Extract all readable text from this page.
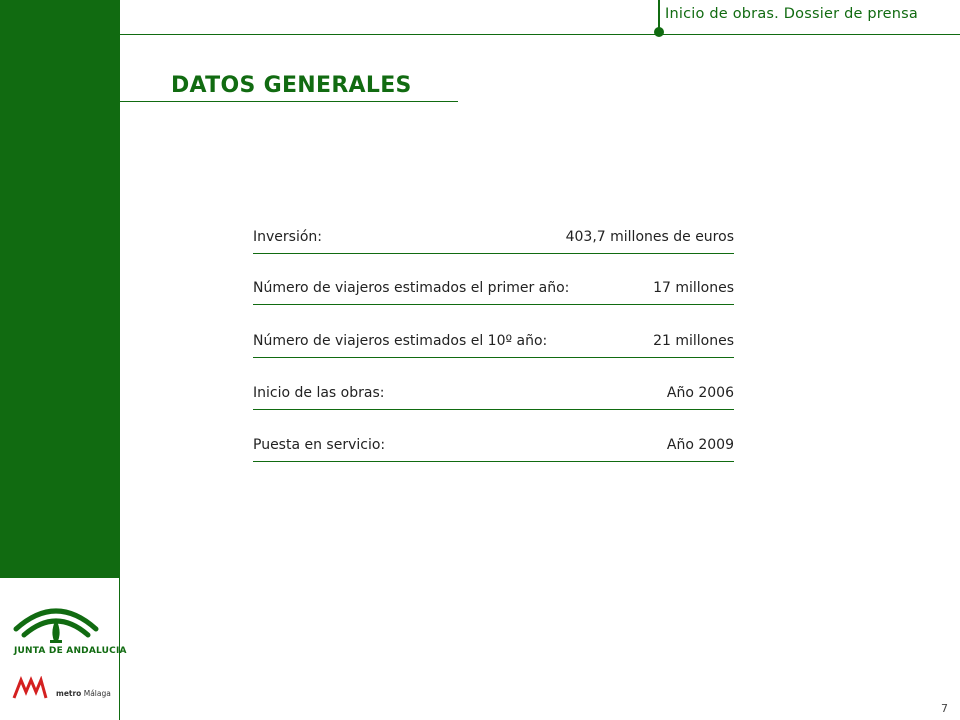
Inicio de obras. Dossier de prensa
DATOS GENERALES
Inversión:	403,7 millones de euros
Número de viajeros estimados el primer año:	17 millones
Número de viajeros estimados el 10º año:	21 millones
Inicio de las obras:	Año 2006
Puesta en servicio:	Año 2009
JUNTA DE ANDALUCIA
metro Málaga
7
